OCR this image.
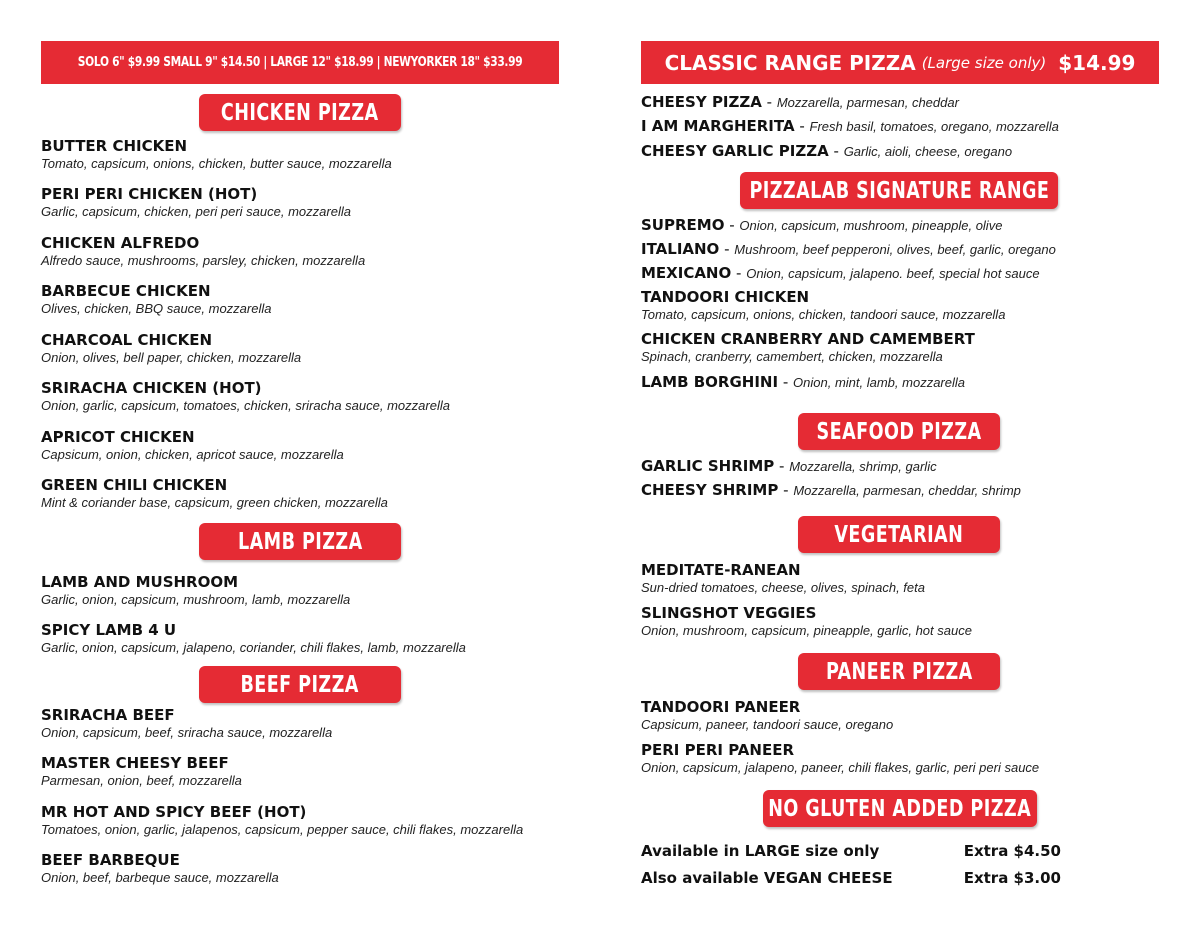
SOLO 6" $9.99 SMALL 9" $14.50 | LARGE 12" $18.99 | NEWYORKER 18" $33.99
CHICKEN PIZZA
BUTTER CHICKEN
Tomato, capsicum, onions, chicken, butter sauce, mozzarella
PERI PERI CHICKEN (HOT)
Garlic, capsicum, chicken, peri peri sauce, mozzarella
CHICKEN ALFREDO
Alfredo sauce, mushrooms, parsley, chicken, mozzarella
BARBECUE CHICKEN
Olives, chicken, BBQ sauce, mozzarella
CHARCOAL CHICKEN
Onion, olives, bell paper, chicken, mozzarella
SRIRACHA CHICKEN (HOT)
Onion, garlic, capsicum, tomatoes, chicken, sriracha sauce, mozzarella
APRICOT CHICKEN
Capsicum, onion, chicken, apricot sauce, mozzarella
GREEN CHILI CHICKEN
Mint & coriander base, capsicum, green chicken, mozzarella
LAMB PIZZA
LAMB AND MUSHROOM
Garlic, onion, capsicum, mushroom, lamb, mozzarella
SPICY LAMB 4 U
Garlic, onion, capsicum, jalapeno, coriander, chili flakes, lamb, mozzarella
BEEF PIZZA
SRIRACHA BEEF
Onion, capsicum, beef, sriracha sauce, mozzarella
MASTER CHEESY BEEF
Parmesan, onion, beef, mozzarella
MR HOT AND SPICY BEEF (HOT)
Tomatoes, onion, garlic, jalapenos, capsicum, pepper sauce, chili flakes, mozzarella
BEEF BARBEQUE
Onion, beef, barbeque sauce, mozzarella
CLASSIC RANGE PIZZA (Large size only) $14.99
CHEESY PIZZA - Mozzarella, parmesan, cheddar
I AM MARGHERITA - Fresh basil, tomatoes, oregano, mozzarella
CHEESY GARLIC PIZZA - Garlic, aioli, cheese, oregano
PIZZALAB SIGNATURE RANGE
SUPREMO - Onion, capsicum, mushroom, pineapple, olive
ITALIANO - Mushroom, beef pepperoni, olives, beef, garlic, oregano
MEXICANO - Onion, capsicum, jalapeno. beef, special hot sauce
TANDOORI CHICKEN
Tomato, capsicum, onions, chicken, tandoori sauce, mozzarella
CHICKEN CRANBERRY AND CAMEMBERT
Spinach, cranberry, camembert, chicken, mozzarella
LAMB BORGHINI - Onion, mint, lamb, mozzarella
SEAFOOD PIZZA
GARLIC SHRIMP - Mozzarella, shrimp, garlic
CHEESY SHRIMP - Mozzarella, parmesan, cheddar, shrimp
VEGETARIAN
MEDITATE-RANEAN
Sun-dried tomatoes, cheese, olives, spinach, feta
SLINGSHOT VEGGIES
Onion, mushroom, capsicum, pineapple, garlic, hot sauce
PANEER PIZZA
TANDOORI PANEER
Capsicum, paneer, tandoori sauce, oregano
PERI PERI PANEER
Onion, capsicum, jalapeno, paneer, chili flakes, garlic, peri peri sauce
NO GLUTEN ADDED PIZZA
Available in LARGE size only	Extra $4.50
Also available VEGAN CHEESE	Extra $3.00
